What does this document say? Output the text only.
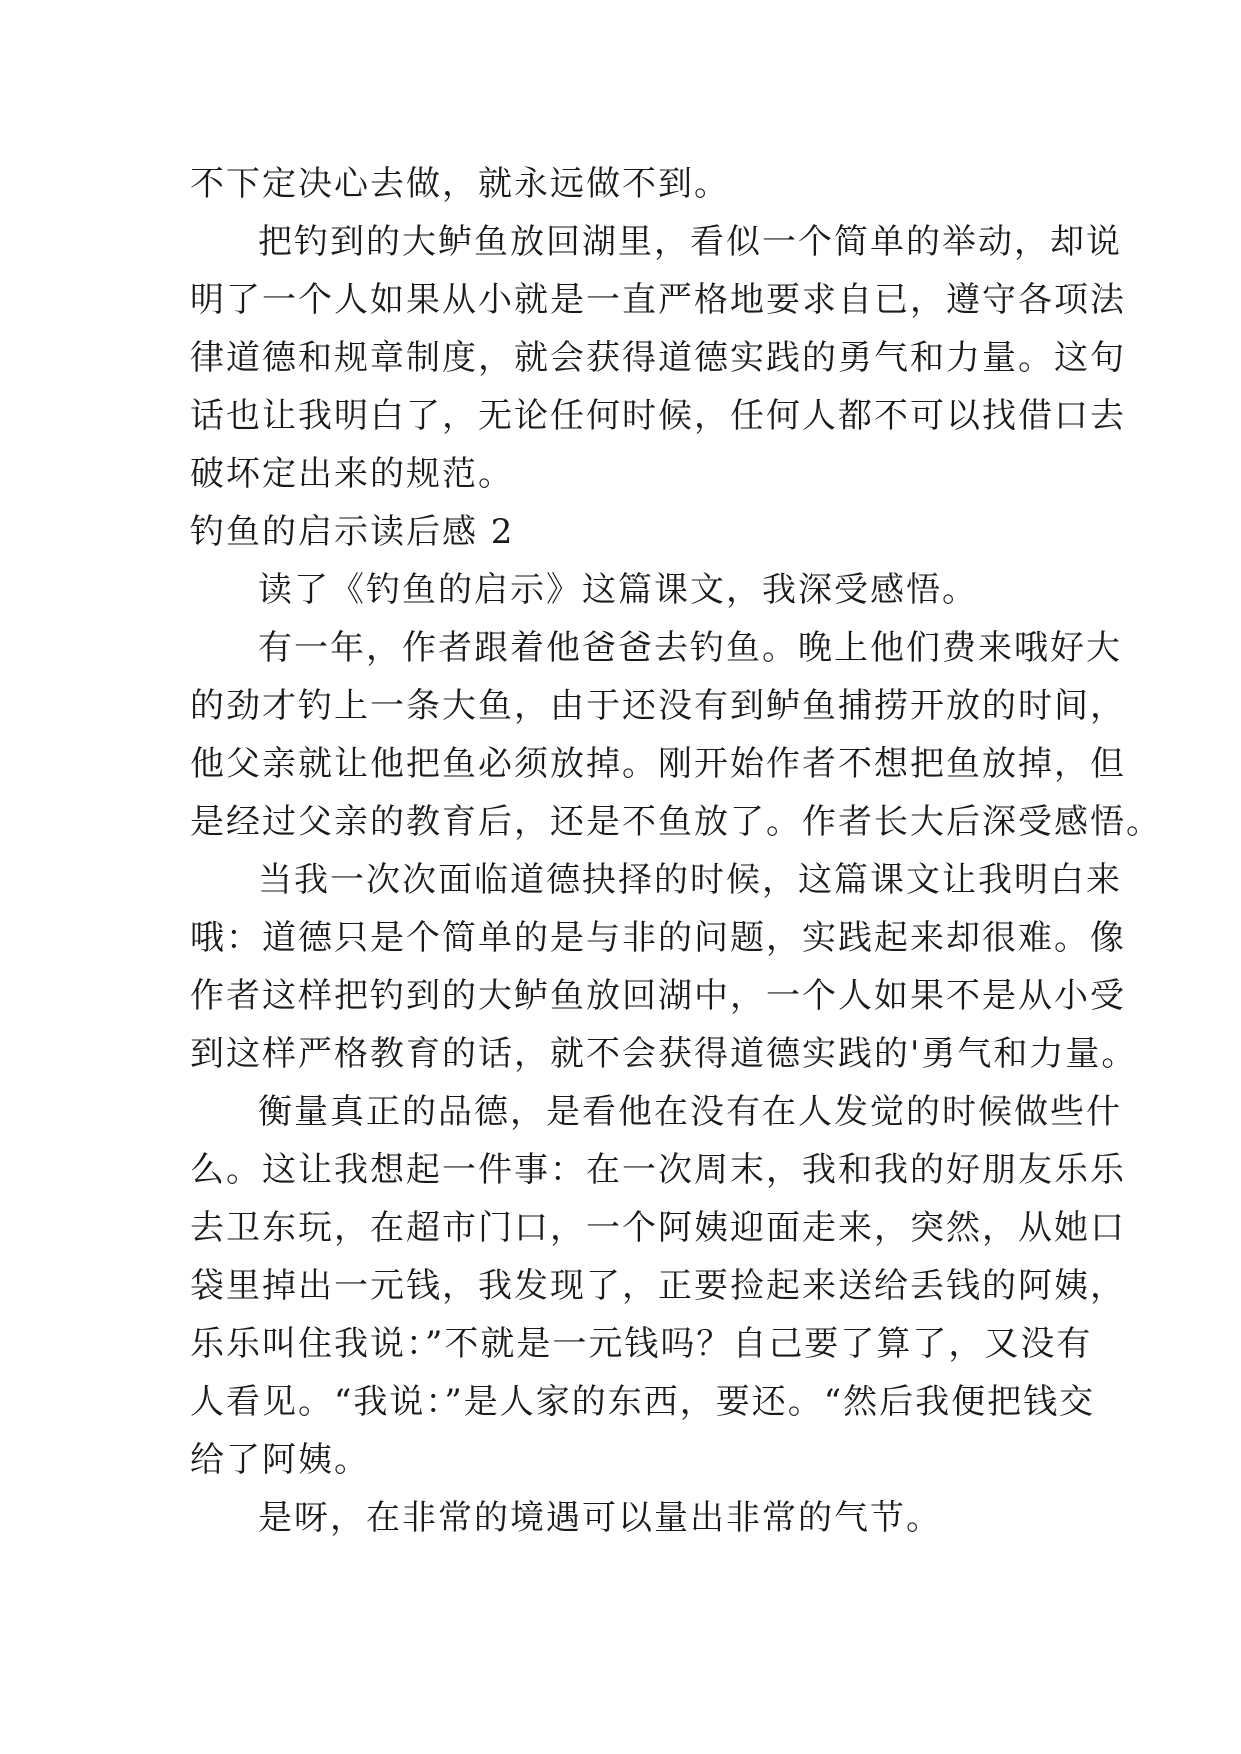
不下定决心去做，就永远做不到。
把钓到的大鲈鱼放回湖里，看似一个简单的举动，却说
明了一个人如果从小就是一直严格地要求自已，遵守各项法
律道德和规章制度，就会获得道德实践的勇气和力量。这句
话也让我明白了，无论任何时候，任何人都不可以找借口去
破坏定出来的规范。
钓鱼的启示读后感 2
读了《钓鱼的启示》这篇课文，我深受感悟。
有一年，作者跟着他爸爸去钓鱼。晚上他们费来哦好大
的劲才钓上一条大鱼，由于还没有到鲈鱼捕捞开放的时间，
他父亲就让他把鱼必须放掉。刚开始作者不想把鱼放掉，但
是经过父亲的教育后，还是不鱼放了。作者长大后深受感悟。
当我一次次面临道德抉择的时候，这篇课文让我明白来
哦：道德只是个简单的是与非的问题，实践起来却很难。像
作者这样把钓到的大鲈鱼放回湖中，一个人如果不是从小受
到这样严格教育的话，就不会获得道德实践的'勇气和力量。
衡量真正的品德，是看他在没有在人发觉的时候做些什
么。这让我想起一件事：在一次周末，我和我的好朋友乐乐
去卫东玩，在超市门口，一个阿姨迎面走来，突然，从她口
袋里掉出一元钱，我发现了，正要捡起来送给丢钱的阿姨，
乐乐叫住我说：”不就是一元钱吗？自己要了算了，又没有
人看见。“我说：”是人家的东西，要还。“然后我便把钱交
给了阿姨。
是呀，在非常的境遇可以量出非常的气节。
